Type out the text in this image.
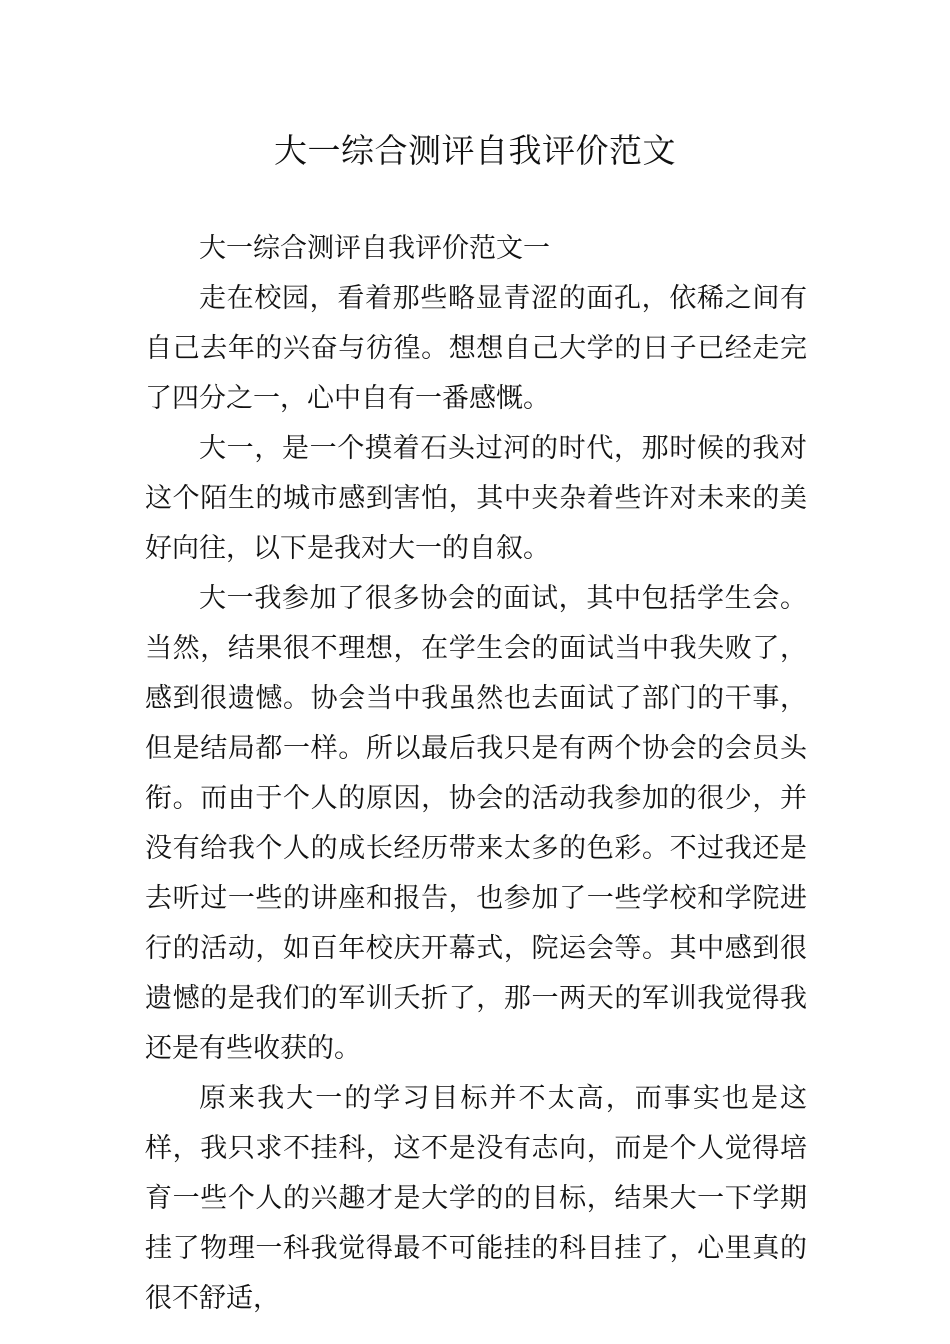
大一综合测评自我评价范文

大一综合测评自我评价范文一

走在校园，看着那些略显青涩的面孔，依稀之间有自己去年的兴奋与彷徨。想想自己大学的日子已经走完了四分之一，心中自有一番感慨。

大一，是一个摸着石头过河的时代，那时候的我对这个陌生的城市感到害怕，其中夹杂着些许对未来的美好向往，以下是我对大一的自叙。

大一我参加了很多协会的面试，其中包括学生会。当然，结果很不理想，在学生会的面试当中我失败了，感到很遗憾。协会当中我虽然也去面试了部门的干事，但是结局都一样。所以最后我只是有两个协会的会员头衔。而由于个人的原因，协会的活动我参加的很少，并没有给我个人的成长经历带来太多的色彩。不过我还是去听过一些的讲座和报告，也参加了一些学校和学院进行的活动，如百年校庆开幕式，院运会等。其中感到很遗憾的是我们的军训夭折了，那一两天的军训我觉得我还是有些收获的。

原来我大一的学习目标并不太高，而事实也是这样，我只求不挂科，这不是没有志向，而是个人觉得培育一些个人的兴趣才是大学的的目标，结果大一下学期挂了物理一科我觉得最不可能挂的科目挂了，心里真的很不舒适，
